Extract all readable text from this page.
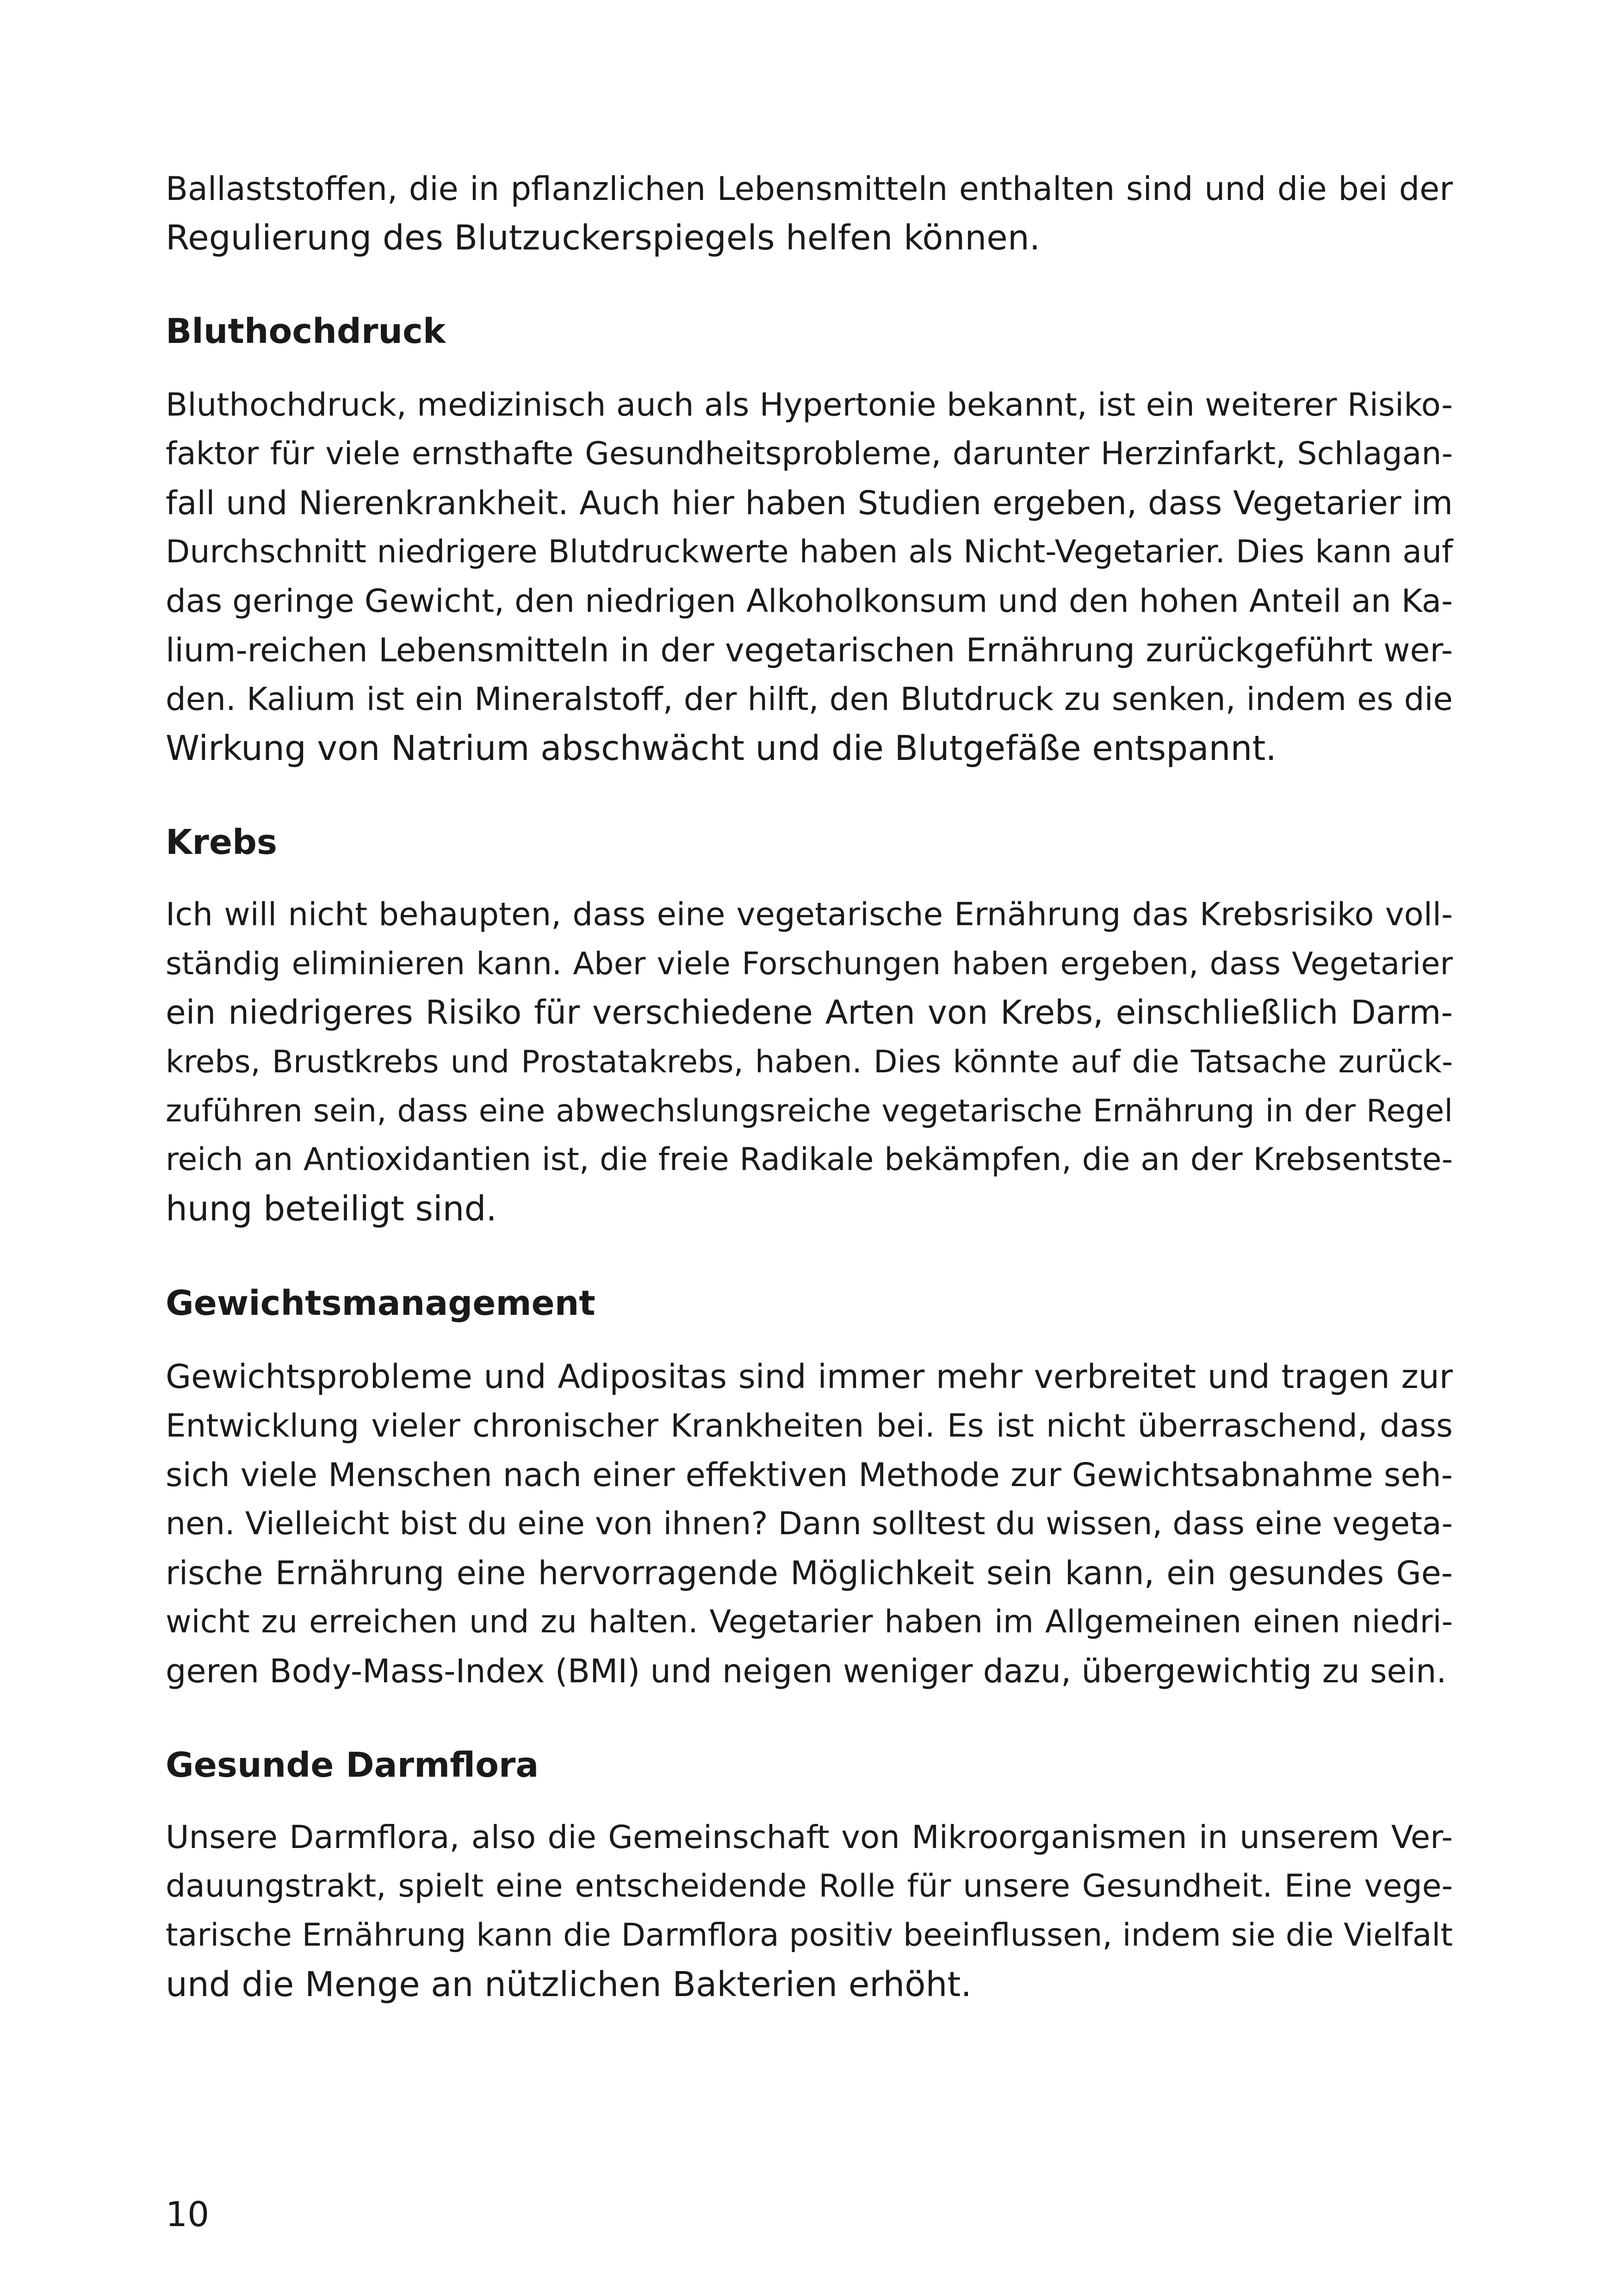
Ballaststoffen, die in pflanzlichen Lebensmitteln enthalten sind und die bei der
Regulierung des Blutzuckerspiegels helfen können.
Bluthochdruck
Bluthochdruck, medizinisch auch als Hypertonie bekannt, ist ein weiterer Risiko-
faktor für viele ernsthafte Gesundheitsprobleme, darunter Herzinfarkt, Schlagan-
fall und Nierenkrankheit. Auch hier haben Studien ergeben, dass Vegetarier im
Durchschnitt niedrigere Blutdruckwerte haben als Nicht-Vegetarier. Dies kann auf
das geringe Gewicht, den niedrigen Alkoholkonsum und den hohen Anteil an Ka-
lium-reichen Lebensmitteln in der vegetarischen Ernährung zurückgeführt wer-
den. Kalium ist ein Mineralstoff, der hilft, den Blutdruck zu senken, indem es die
Wirkung von Natrium abschwächt und die Blutgefäße entspannt.
Krebs
Ich will nicht behaupten, dass eine vegetarische Ernährung das Krebsrisiko voll-
ständig eliminieren kann. Aber viele Forschungen haben ergeben, dass Vegetarier
ein niedrigeres Risiko für verschiedene Arten von Krebs, einschließlich Darm-
krebs, Brustkrebs und Prostatakrebs, haben. Dies könnte auf die Tatsache zurück-
zuführen sein, dass eine abwechslungsreiche vegetarische Ernährung in der Regel
reich an Antioxidantien ist, die freie Radikale bekämpfen, die an der Krebsentste-
hung beteiligt sind.
Gewichtsmanagement
Gewichtsprobleme und Adipositas sind immer mehr verbreitet und tragen zur
Entwicklung vieler chronischer Krankheiten bei. Es ist nicht überraschend, dass
sich viele Menschen nach einer effektiven Methode zur Gewichtsabnahme seh-
nen. Vielleicht bist du eine von ihnen? Dann solltest du wissen, dass eine vegeta-
rische Ernährung eine hervorragende Möglichkeit sein kann, ein gesundes Ge-
wicht zu erreichen und zu halten. Vegetarier haben im Allgemeinen einen niedri-
geren Body-Mass-Index (BMI) und neigen weniger dazu, übergewichtig zu sein.
Gesunde Darmflora
Unsere Darmflora, also die Gemeinschaft von Mikroorganismen in unserem Ver-
dauungstrakt, spielt eine entscheidende Rolle für unsere Gesundheit. Eine vege-
tarische Ernährung kann die Darmflora positiv beeinflussen, indem sie die Vielfalt
und die Menge an nützlichen Bakterien erhöht.
10
